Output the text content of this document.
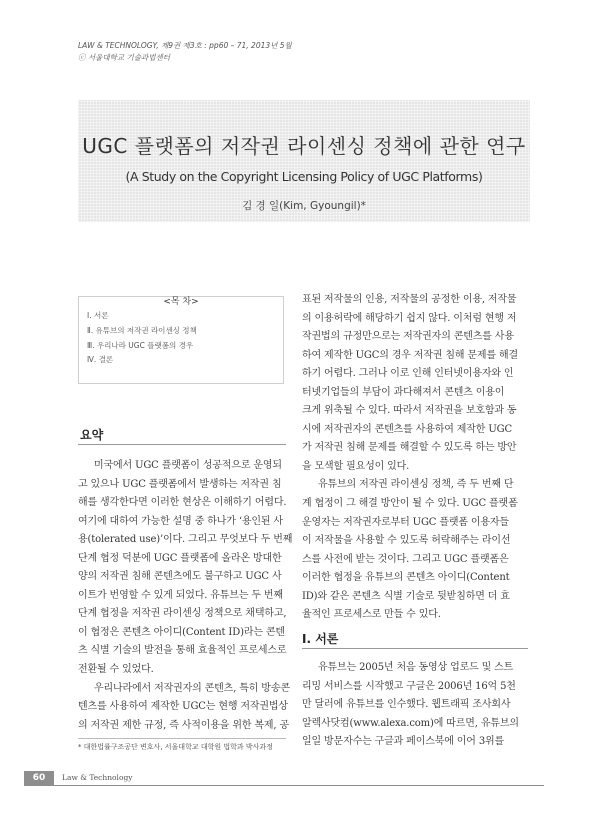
LAW & TECHNOLOGY, 제9권 제3호 : pp60 – 71, 2013년 5월
ⓒ 서울대학교 기술과법센터
UGC 플랫폼의 저작권 라이센싱 정책에 관한 연구
(A Study on the Copyright Licensing Policy of UGC Platforms)
김 경 일(Kim, Gyoungil)*
<목 차>
Ⅰ. 서론
Ⅱ. 유튜브의 저작권 라이센싱 정책
Ⅲ. 우리나라 UGC 플랫폼의 경우
Ⅳ. 결론
요약
미국에서 UGC 플랫폼이 성공적으로 운영되
고 있으나 UGC 플랫폼에서 발생하는 저작권 침
해를 생각한다면 이러한 현상은 이해하기 어렵다.
여기에 대하여 가능한 설명 중 하나가 ‘용인된 사
용(tolerated use)’이다. 그리고 무엇보다 두 번째
단계 협정 덕분에 UGC 플랫폼에 올라온 방대한
양의 저작권 침해 콘텐츠에도 불구하고 UGC 사
이트가 번영할 수 있게 되었다. 유튜브는 두 번째
단계 협정을 저작권 라이센싱 정책으로 채택하고,
이 협정은 콘텐츠 아이디(Content ID)라는 콘텐
츠 식별 기술의 발전을 통해 효율적인 프로세스로
전환될 수 있었다.
우리나라에서 저작권자의 콘텐츠, 특히 방송콘
텐츠를 사용하여 제작한 UGC는 현행 저작권법상
의 저작권 제한 규정, 즉 사적이용을 위한 복제, 공
표된 저작물의 인용, 저작물의 공정한 이용, 저작물
의 이용허락에 해당하기 쉽지 않다. 이처럼 현행 저
작권법의 규정만으로는 저작권자의 콘텐츠를 사용
하여 제작한 UGC의 경우 저작권 침해 문제를 해결
하기 어렵다. 그러나 이로 인해 인터넷이용자와 인
터넷기업들의 부담이 과다해져서 콘텐츠 이용이
크게 위축될 수 있다. 따라서 저작권을 보호함과 동
시에 저작권자의 콘텐츠를 사용하여 제작한 UGC
가 저작권 침해 문제를 해결할 수 있도록 하는 방안
을 모색할 필요성이 있다.
유튜브의 저작권 라이센싱 정책, 즉 두 번째 단
계 협정이 그 해결 방안이 될 수 있다. UGC 플랫폼
운영자는 저작권자로부터 UGC 플랫폼 이용자들
이 저작물을 사용할 수 있도록 허락해주는 라이선
스를 사전에 받는 것이다. 그리고 UGC 플랫폼은
이러한 협정을 유튜브의 콘텐츠 아이디(Content
ID)와 같은 콘텐츠 식별 기술로 뒷받침하면 더 효
율적인 프로세스로 만들 수 있다.
Ⅰ. 서론
유튜브는 2005년 처음 동영상 업로드 및 스트
리밍 서비스를 시작했고 구글은 2006년 16억 5천
만 달러에 유튜브를 인수했다. 웹트래픽 조사회사
알렉사닷컴(www.alexa.com)에 따르면, 유튜브의
일일 방문자수는 구글과 페이스북에 이어 3위를
* 대한법률구조공단 변호사, 서울대학교 대학원 법학과 박사과정
60	Law & Technology
